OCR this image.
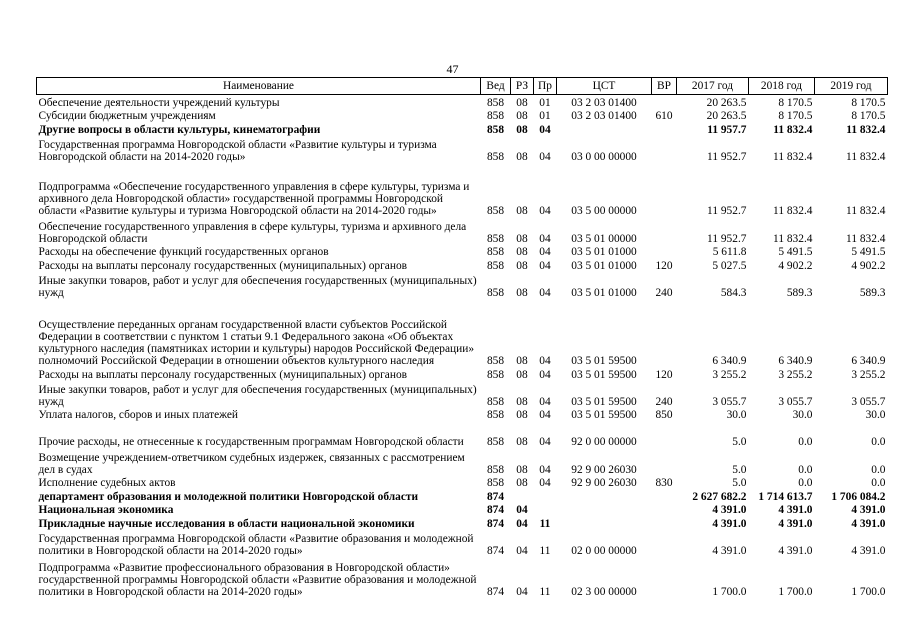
47
Наименование	Вед	РЗ	Пр	ЦСТ	ВР	2017 год	2018 год	2019 год
Обеспечение деятельности учреждений культуры	858	08	01	03 2 03 01400		20 263.5	8 170.5	8 170.5
Субсидии бюджетным учреждениям	858	08	01	03 2 03 01400	610	20 263.5	8 170.5	8 170.5
Другие вопросы в области культуры, кинематографии	858	08	04			11 957.7	11 832.4	11 832.4
Государственная программа Новгородской области «Развитие культуры и туризма Новгородской области на 2014-2020 годы»	858	08	04	03 0 00 00000		11 952.7	11 832.4	11 832.4
Подпрограмма «Обеспечение государственного управления в сфере культуры, туризма и архивного дела Новгородской области» государственной программы Новгородской области «Развитие культуры и туризма Новгородской области на 2014-2020 годы»	858	08	04	03 5 00 00000		11 952.7	11 832.4	11 832.4
Обеспечение государственного управления в сфере культуры, туризма и архивного дела Новгородской области	858	08	04	03 5 01 00000		11 952.7	11 832.4	11 832.4
Расходы на обеспечение функций государственных органов	858	08	04	03 5 01 01000		5 611.8	5 491.5	5 491.5
Расходы на выплаты персоналу государственных (муниципальных) органов	858	08	04	03 5 01 01000	120	5 027.5	4 902.2	4 902.2
Иные закупки товаров, работ и услуг для обеспечения государственных (муниципальных) нужд	858	08	04	03 5 01 01000	240	584.3	589.3	589.3
Осуществление переданных органам государственной власти субъектов Российской Федерации в соответствии с пунктом 1 статьи 9.1 Федерального закона «Об объектах культурного наследия (памятниках истории и культуры) народов Российской Федерации» полномочий Российской Федерации в отношении объектов культурного наследия	858	08	04	03 5 01 59500		6 340.9	6 340.9	6 340.9
Расходы на выплаты персоналу государственных (муниципальных) органов	858	08	04	03 5 01 59500	120	3 255.2	3 255.2	3 255.2
Иные закупки товаров, работ и услуг для обеспечения государственных (муниципальных) нужд	858	08	04	03 5 01 59500	240	3 055.7	3 055.7	3 055.7
Уплата налогов, сборов и иных платежей	858	08	04	03 5 01 59500	850	30.0	30.0	30.0
Прочие расходы, не отнесенные к государственным программам Новгородской области	858	08	04	92 0 00 00000		5.0	0.0	0.0
Возмещение учреждением-ответчиком судебных издержек, связанных с рассмотрением дел в судах	858	08	04	92 9 00 26030		5.0	0.0	0.0
Исполнение судебных актов	858	08	04	92 9 00 26030	830	5.0	0.0	0.0
департамент образования и молодежной политики Новгородской области	874					2 627 682.2	1 714 613.7	1 706 084.2
Национальная экономика	874	04				4 391.0	4 391.0	4 391.0
Прикладные научные исследования в области национальной экономики	874	04	11			4 391.0	4 391.0	4 391.0
Государственная программа Новгородской области «Развитие образования и молодежной политики в Новгородской области на 2014-2020 годы»	874	04	11	02 0 00 00000		4 391.0	4 391.0	4 391.0
Подпрограмма «Развитие профессионального образования в Новгородской области» государственной программы Новгородской области «Развитие образования и молодежной политики в Новгородской области на 2014-2020 годы»	874	04	11	02 3 00 00000		1 700.0	1 700.0	1 700.0
